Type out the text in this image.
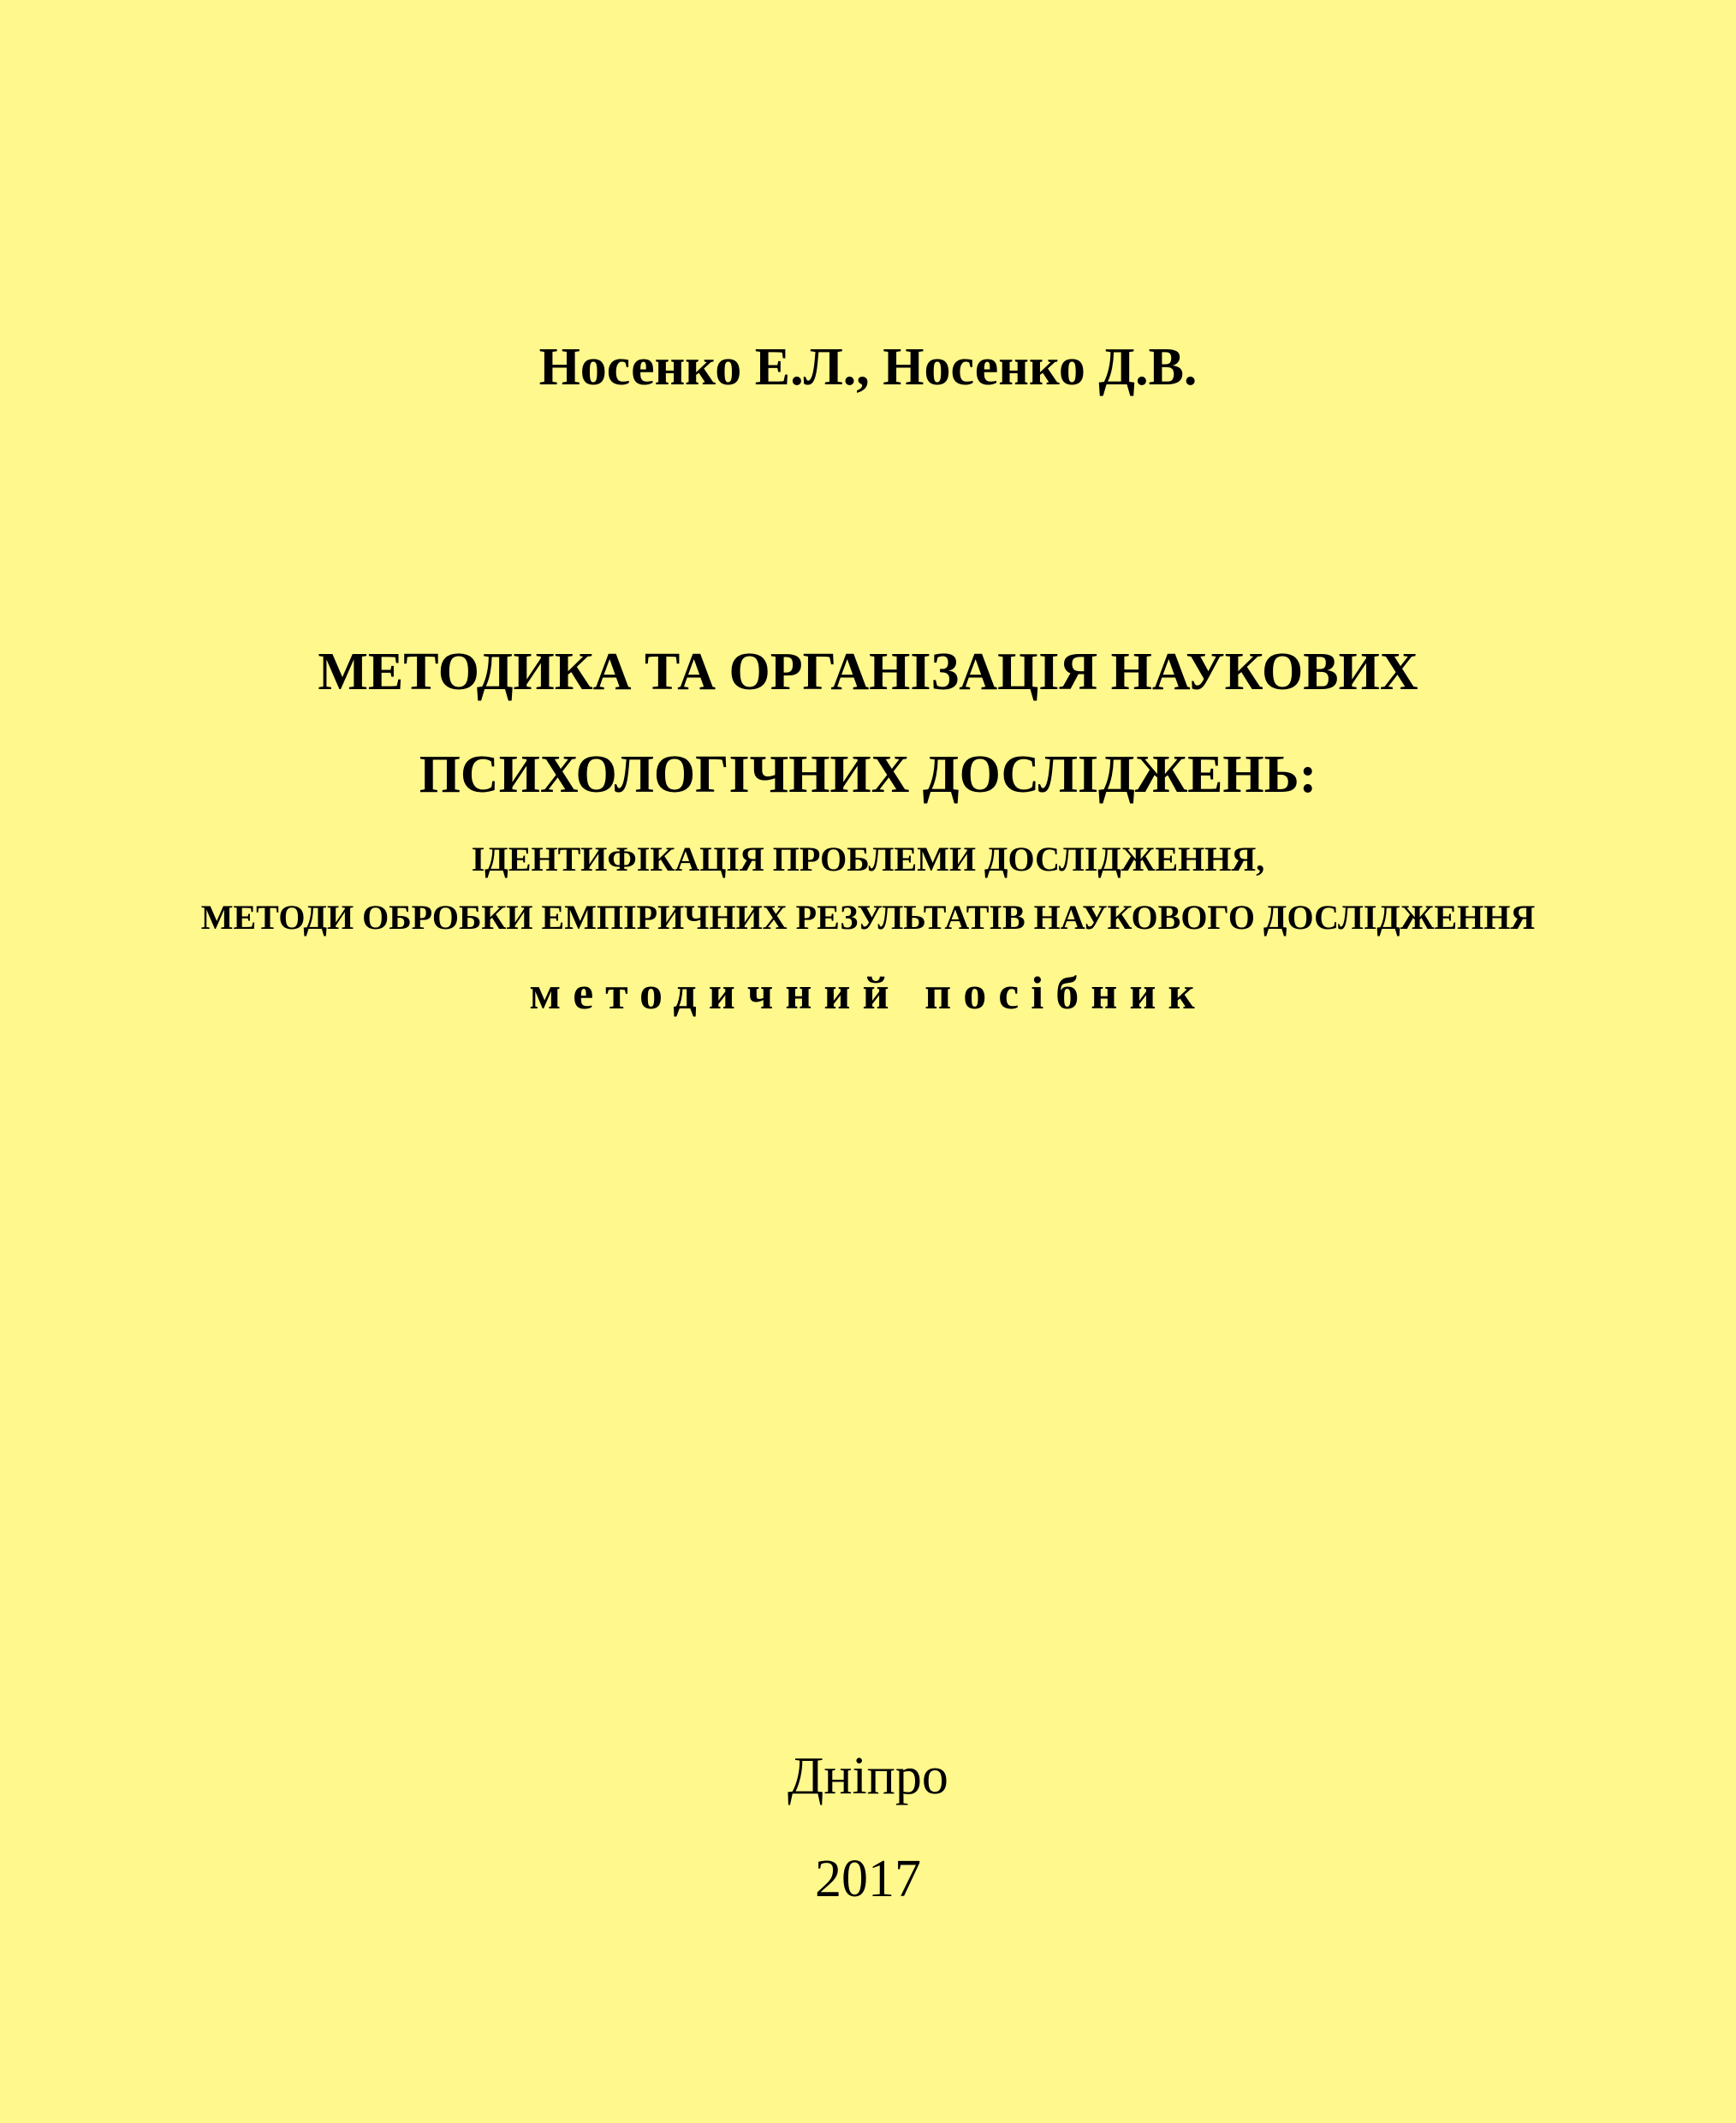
Носенко Е.Л., Носенко Д.В.
МЕТОДИКА ТА ОРГАНІЗАЦІЯ НАУКОВИХ
ПСИХОЛОГІЧНИХ ДОСЛІДЖЕНЬ:
ІДЕНТИФІКАЦІЯ ПРОБЛЕМИ ДОСЛІДЖЕННЯ,
МЕТОДИ ОБРОБКИ ЕМПІРИЧНИХ РЕЗУЛЬТАТІВ НАУКОВОГО ДОСЛІДЖЕННЯ
методичний посібник
Дніпро
2017
